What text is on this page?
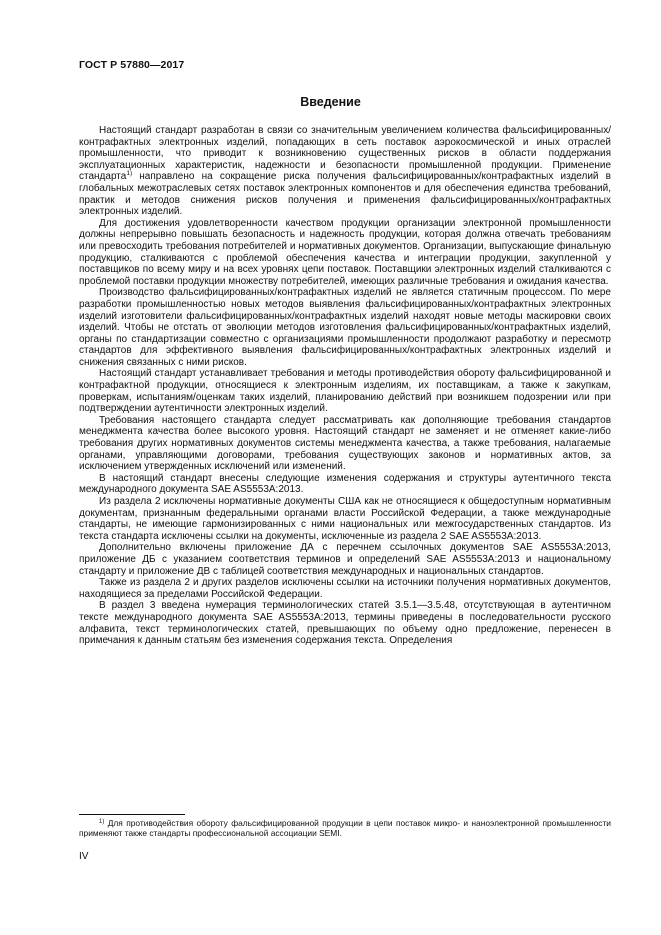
ГОСТ Р 57880—2017
Введение

Настоящий стандарт разработан в связи со значительным увеличением количества фальсифицированных/контрафактных электронных изделий, попадающих в сеть поставок аэрокосмической и иных отраслей промышленности, что приводит к возникновению существенных рисков в области поддержания эксплуатационных характеристик, надежности и безопасности промышленной продукции. Применение стандарта$^{1)}$ направлено на сокращение риска получения фальсифицированных/контрафактных изделий в глобальных межотраслевых сетях поставок электронных компонентов и для обеспечения единства требований, практик и методов снижения рисков получения и применения фальсифицированных/контрафактных электронных изделий.

Для достижения удовлетворенности качеством продукции организации электронной промышленности должны непрерывно повышать безопасность и надежность продукции, которая должна отвечать требованиям или превосходить требования потребителей и нормативных документов. Организации, выпускающие финальную продукцию, сталкиваются с проблемой обеспечения качества и интеграции продукции, закупленной у поставщиков по всему миру и на всех уровнях цепи поставок. Поставщики электронных изделий сталкиваются с проблемой поставки продукции множеству потребителей, имеющих различные требования и ожидания качества.

Производство фальсифицированных/контрафактных изделий не является статичным процессом. По мере разработки промышленностью новых методов выявления фальсифицированных/контрафактных электронных изделий изготовители фальсифицированных/контрафактных изделий находят новые методы маскировки своих изделий. Чтобы не отстать от эволюции методов изготовления фальсифицированных/контрафактных изделий, органы по стандартизации совместно с организациями промышленности продолжают разработку и пересмотр стандартов для эффективного выявления фальсифицированных/контрафактных электронных изделий и снижения связанных с ними рисков.

Настоящий стандарт устанавливает требования и методы противодействия обороту фальсифицированной и контрафактной продукции, относящиеся к электронным изделиям, их поставщикам, а также к закупкам, проверкам, испытаниям/оценкам таких изделий, планированию действий при возникшем подозрении или при подтверждении аутентичности электронных изделий.

Требования настоящего стандарта следует рассматривать как дополняющие требования стандартов менеджмента качества более высокого уровня. Настоящий стандарт не заменяет и не отменяет какие-либо требования других нормативных документов системы менеджмента качества, а также требования, налагаемые органами, управляющими договорами, требования существующих законов и нормативных актов, за исключением утвержденных исключений или изменений.

В настоящий стандарт внесены следующие изменения содержания и структуры аутентичного текста международного документа SAE AS5553A:2013.

Из раздела 2 исключены нормативные документы США как не относящиеся к общедоступным нормативным документам, признанным федеральными органами власти Российской Федерации, а также международные стандарты, не имеющие гармонизированных с ними национальных или межгосударственных стандартов. Из текста стандарта исключены ссылки на документы, исключенные из раздела 2 SAE AS5553A:2013.

Дополнительно включены приложение ДА с перечнем ссылочных документов SAE AS5553A:2013, приложение ДБ с указанием соответствия терминов и определений SAE AS5553A:2013 и национальному стандарту и приложение ДВ с таблицей соответствия международных и национальных стандартов.

Также из раздела 2 и других разделов исключены ссылки на источники получения нормативных документов, находящиеся за пределами Российской Федерации.

В раздел 3 введена нумерация терминологических статей 3.5.1—3.5.48, отсутствующая в аутентичном тексте международного документа SAE AS5553A:2013, термины приведены в последовательности русского алфавита, текст терминологических статей, превышающих по объему одно предложение, перенесен в примечания к данным статьям без изменения содержания текста. Определения

$^{1)}$ Для противодействия обороту фальсифицированной продукции в цепи поставок микро- и наноэлектронной промышленности применяют также стандарты профессиональной ассоциации SEMI.
IV
